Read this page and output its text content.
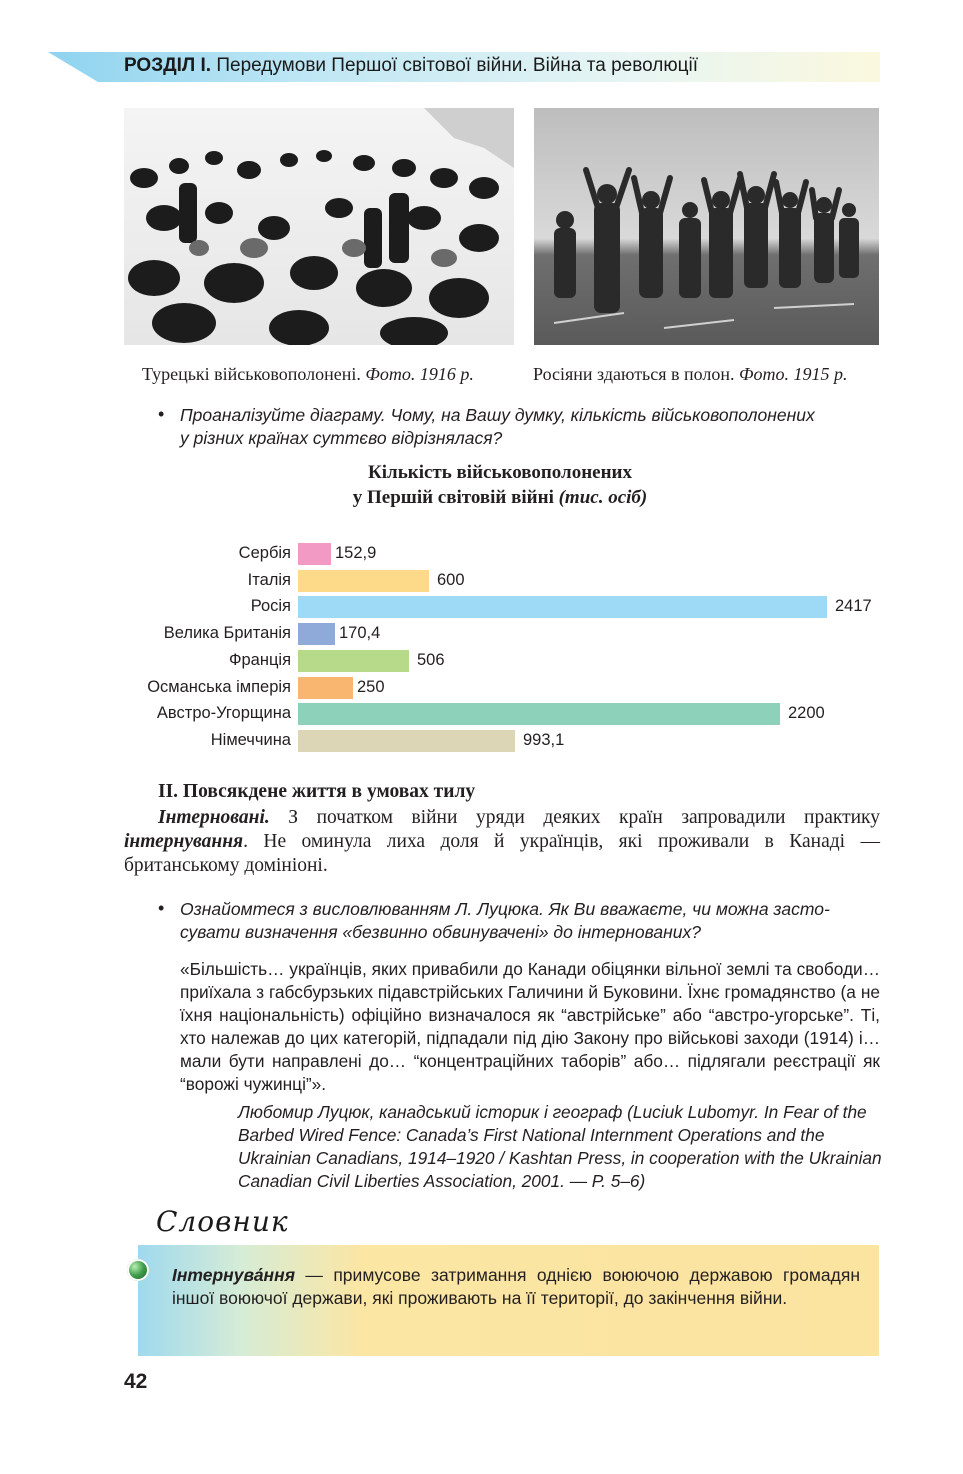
РОЗДІЛ І. Передумови Першої світової війни. Війна та революції
Турецькі військовополонені. Фото. 1916 р.	Росіяни здаються в полон. Фото. 1915 р.
• Проаналізуйте діаграму. Чому, на Вашу думку, кількість військовополонених
у різних країнах суттєво відрізнялася?
Кількість військовополонених
у Першій світовій війні (тис. осіб)
Сербія	152,9
Італія	600
Росія	2417
Велика Британія	170,4
Франція	506
Османська імперія	250
Австро-Угорщина	2200
Німеччина	993,1
ІІ. Повсякдене життя в умовах тилу
Інтерновані. З початком війни уряди деяких країн запровадили практику інтернування. Не оминула лиха доля й українців, які проживали в Канаді — британському домініоні.
• Ознайомтеся з висловлюванням Л. Луцюка. Як Ви вважаєте, чи можна засто-
сувати визначення «безвинно обвинувачені» до інтернованих?
«Більшість… українців, яких привабили до Канади обіцянки вільної землі та свободи… приїхала з габсбурзьких підавстрійських Галичини й Буковини. Їхнє громадянство (а не їхня національність) офіційно визначалося як “австрійське” або “австро-угорське”. Ті, хто належав до цих категорій, підпадали під дію Закону про військові заходи (1914) і… мали бути направлені до… “концентраційних таборів” або… підлягали реєстрації як “ворожі чужинці”».
Любомир Луцюк, канадський історик і географ (Luciuk Lubomyr. In Fear of the Barbed Wired Fence: Canada’s First National Internment Operations and the Ukrainian Canadians, 1914–1920 / Kashtan Press, in cooperation with the Ukrainian Canadian Civil Liberties Association, 2001. — P. 5–6)
Словник
Інтернува́ння — примусове затримання однією воюючою державою громадян іншої воюючої держави, які проживають на її території, до закінчення війни.
42
